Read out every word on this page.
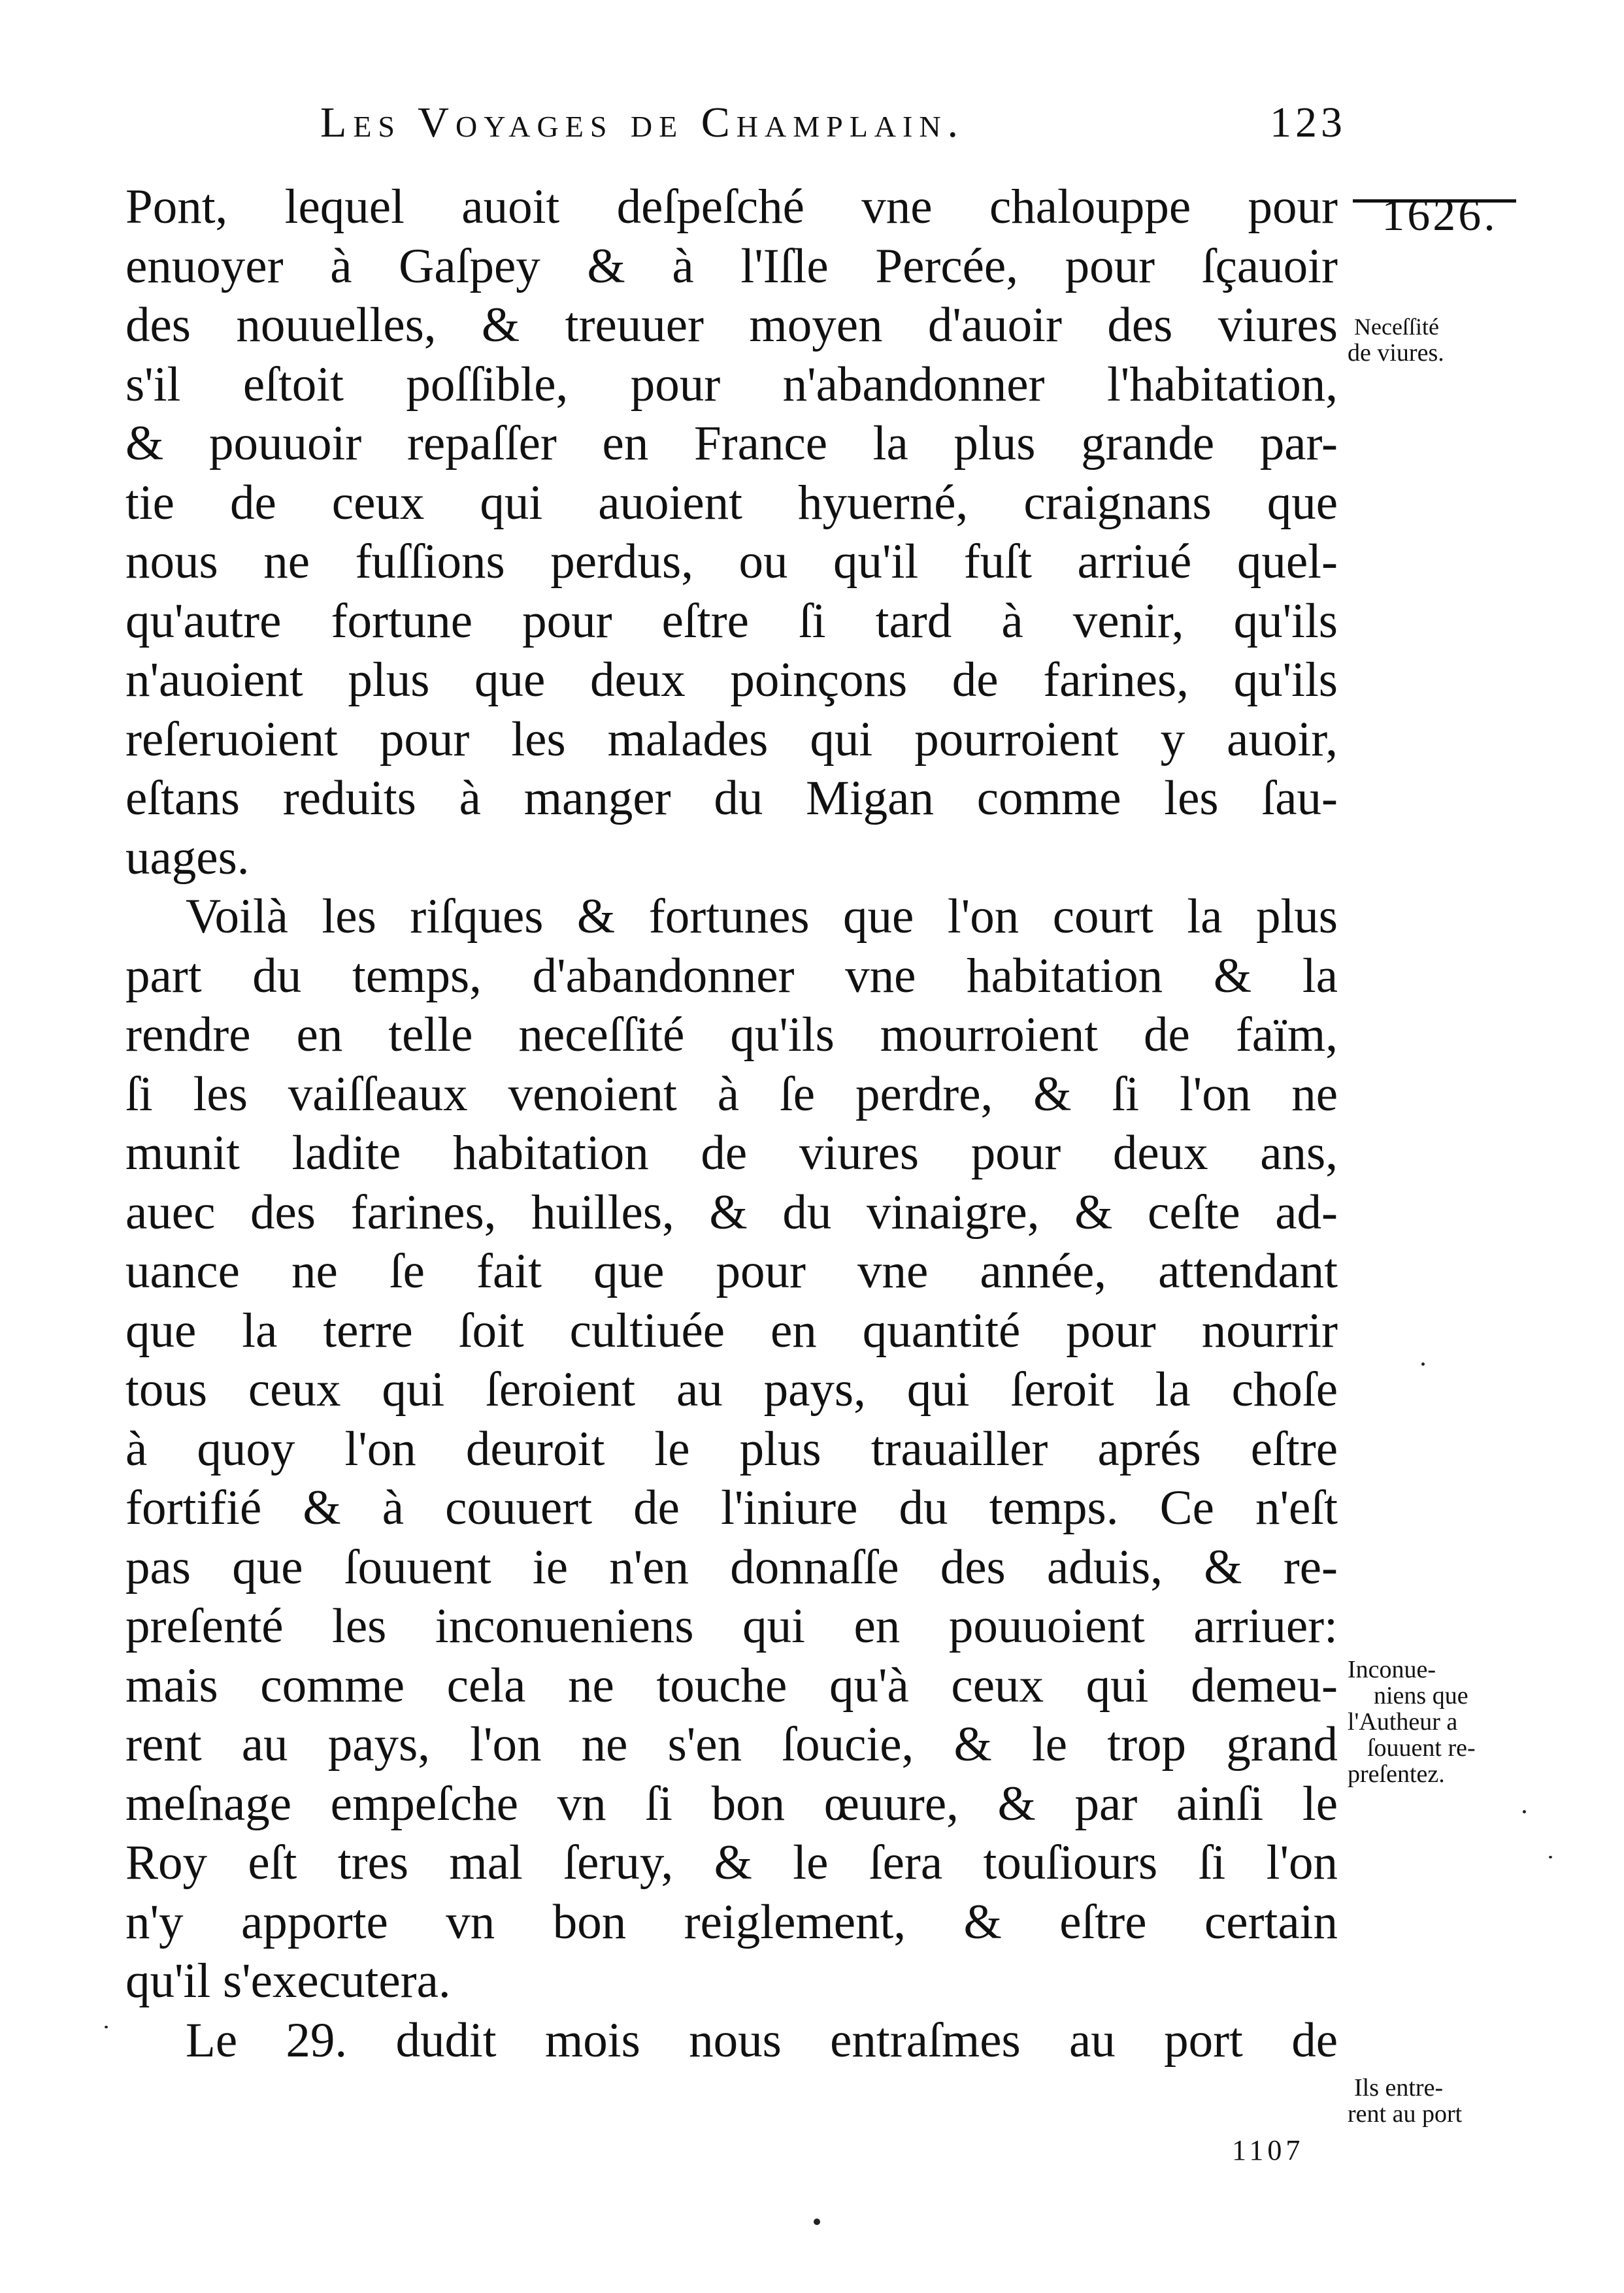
Les Voyages de Champlain.	123
1626.
Neceſſité
de viures.
Inconue-
niens que
l'Autheur a
ſouuent re-
preſentez.
Ils entre-
rent au port
Pont, lequel auoit deſpeſché vne chalouppe pour
enuoyer à Gaſpey & à l'Iſle Percée, pour ſçauoir
des nouuelles, & treuuer moyen d'auoir des viures
s'il eſtoit poſſible, pour n'abandonner l'habitation,
& pouuoir repaſſer en France la plus grande par-
tie de ceux qui auoient hyuerné, craignans que
nous ne fuſſions perdus, ou qu'il fuſt arriué quel-
qu'autre fortune pour eſtre ſi tard à venir, qu'ils
n'auoient plus que deux poinçons de farines, qu'ils
reſeruoient pour les malades qui pourroient y auoir,
eſtans reduits à manger du Migan comme les ſau-
uages.
Voilà les riſques & fortunes que l'on court la plus
part du temps, d'abandonner vne habitation & la
rendre en telle neceſſité qu'ils mourroient de faïm,
ſi les vaiſſeaux venoient à ſe perdre, & ſi l'on ne
munit ladite habitation de viures pour deux ans,
auec des farines, huilles, & du vinaigre, & ceſte ad-
uance ne ſe fait que pour vne année, attendant
que la terre ſoit cultiuée en quantité pour nourrir
tous ceux qui ſeroient au pays, qui ſeroit la choſe
à quoy l'on deuroit le plus trauailler aprés eſtre
fortifié & à couuert de l'iniure du temps. Ce n'eſt
pas que ſouuent ie n'en donnaſſe des aduis, & re-
preſenté les inconueniens qui en pouuoient arriuer:
mais comme cela ne touche qu'à ceux qui demeu-
rent au pays, l'on ne s'en ſoucie, & le trop grand
meſnage empeſche vn ſi bon œuure, & par ainſi le
Roy eſt tres mal ſeruy, & le ſera touſiours ſi l'on
n'y apporte vn bon reiglement, & eſtre certain
qu'il s'executera.
Le 29. dudit mois nous entraſmes au port de
1107
